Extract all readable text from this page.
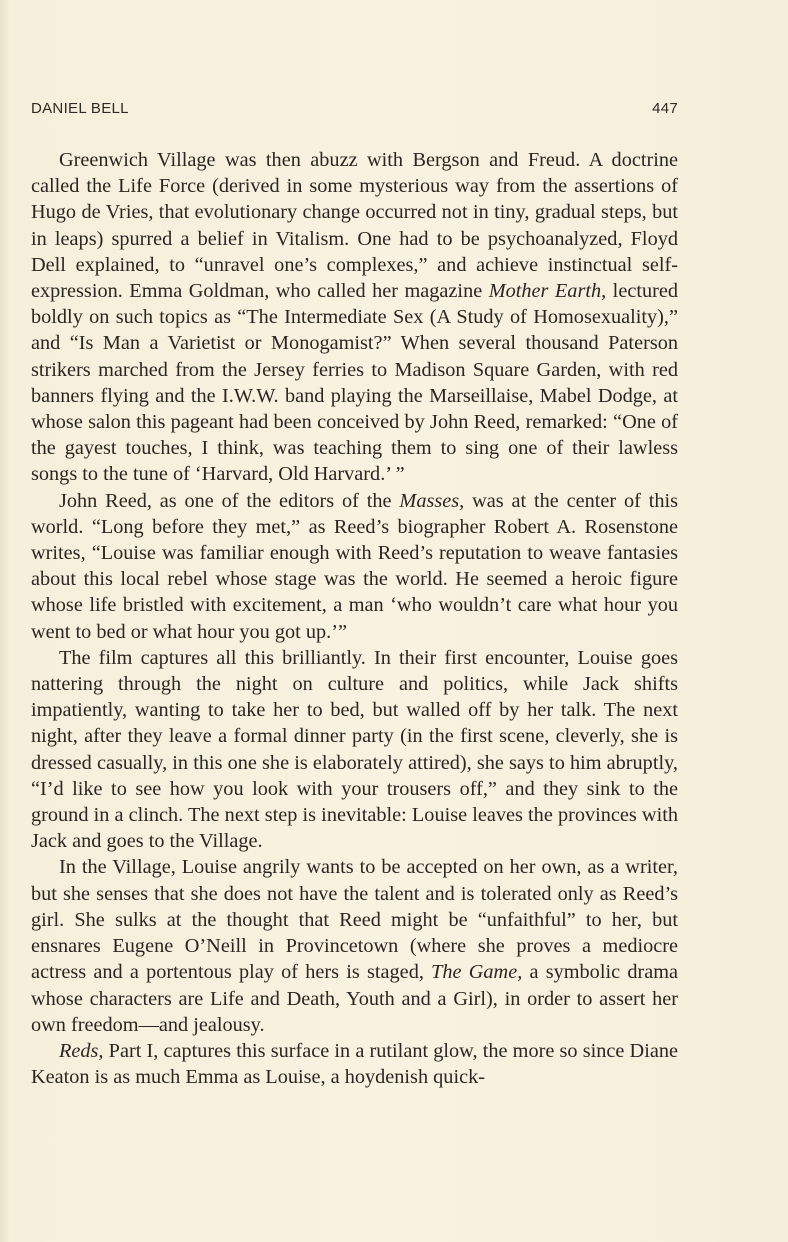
DANIEL BELL	447

Greenwich Village was then abuzz with Bergson and Freud. A doctrine called the Life Force (derived in some mysterious way from the assertions of Hugo de Vries, that evolutionary change occurred not in tiny, gradual steps, but in leaps) spurred a belief in Vitalism. One had to be psychoanalyzed, Floyd Dell explained, to “unravel one’s complexes,” and achieve instinctual self-expression. Emma Goldman, who called her magazine Mother Earth, lectured boldly on such topics as “The Intermediate Sex (A Study of Homosexuality),” and “Is Man a Varietist or Monogamist?” When several thousand Paterson strikers marched from the Jersey ferries to Madison Square Garden, with red banners flying and the I.W.W. band playing the Marseillaise, Mabel Dodge, at whose salon this pageant had been conceived by John Reed, remarked: “One of the gayest touches, I think, was teaching them to sing one of their lawless songs to the tune of ‘Harvard, Old Harvard.’ ”

John Reed, as one of the editors of the Masses, was at the center of this world. “Long before they met,” as Reed’s biographer Robert A. Rosenstone writes, “Louise was familiar enough with Reed’s reputation to weave fantasies about this local rebel whose stage was the world. He seemed a heroic figure whose life bristled with excitement, a man ‘who wouldn’t care what hour you went to bed or what hour you got up.’”

The film captures all this brilliantly. In their first encounter, Louise goes nattering through the night on culture and politics, while Jack shifts impatiently, wanting to take her to bed, but walled off by her talk. The next night, after they leave a formal dinner party (in the first scene, cleverly, she is dressed casually, in this one she is elaborately attired), she says to him abruptly, “I’d like to see how you look with your trousers off,” and they sink to the ground in a clinch. The next step is inevitable: Louise leaves the provinces with Jack and goes to the Village.

In the Village, Louise angrily wants to be accepted on her own, as a writer, but she senses that she does not have the talent and is tolerated only as Reed’s girl. She sulks at the thought that Reed might be “unfaithful” to her, but ensnares Eugene O’Neill in Provincetown (where she proves a mediocre actress and a portentous play of hers is staged, The Game, a symbolic drama whose characters are Life and Death, Youth and a Girl), in order to assert her own freedom—and jealousy.

Reds, Part I, captures this surface in a rutilant glow, the more so since Diane Keaton is as much Emma as Louise, a hoydenish quick-
